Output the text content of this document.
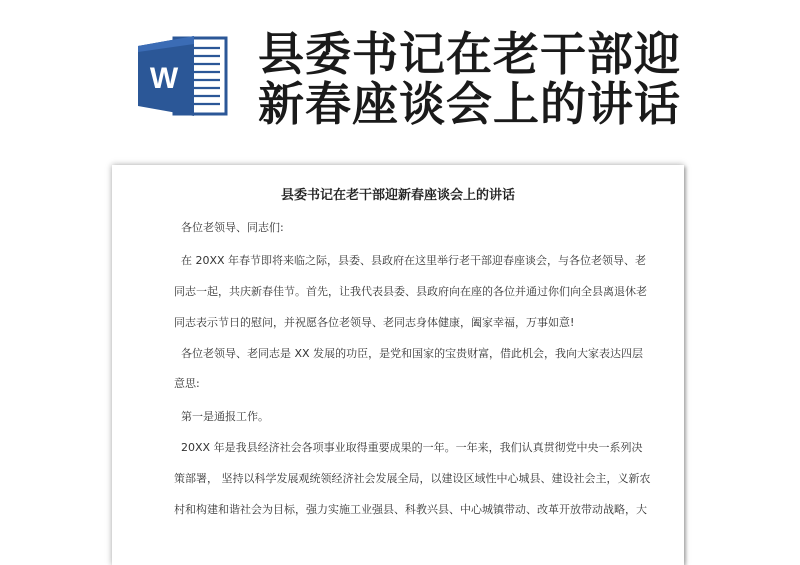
W 县委书记在老干部迎
新春座谈会上的讲话
县委书记在老干部迎新春座谈会上的讲话
各位老领导、同志们:
在 20XX 年春节即将来临之际，县委、县政府在这里举行老干部迎春座谈会，与各位老领导、老
同志一起，共庆新春佳节。首先，让我代表县委、县政府向在座的各位并通过你们向全县离退休老
同志表示节日的慰问，并祝愿各位老领导、老同志身体健康，阖家幸福，万事如意!
各位老领导、老同志是 XX 发展的功臣，是党和国家的宝贵财富，借此机会，我向大家表达四层
意思:
第一是通报工作。
20XX 年是我县经济社会各项事业取得重要成果的一年。一年来，我们认真贯彻党中央一系列决
策部署， 坚持以科学发展观统领经济社会发展全局，以建设区域性中心城县、建设社会主，义新农
村和构建和谐社会为目标，强力实施工业强县、科教兴县、中心城镇带动、改革开放带动战略，大
